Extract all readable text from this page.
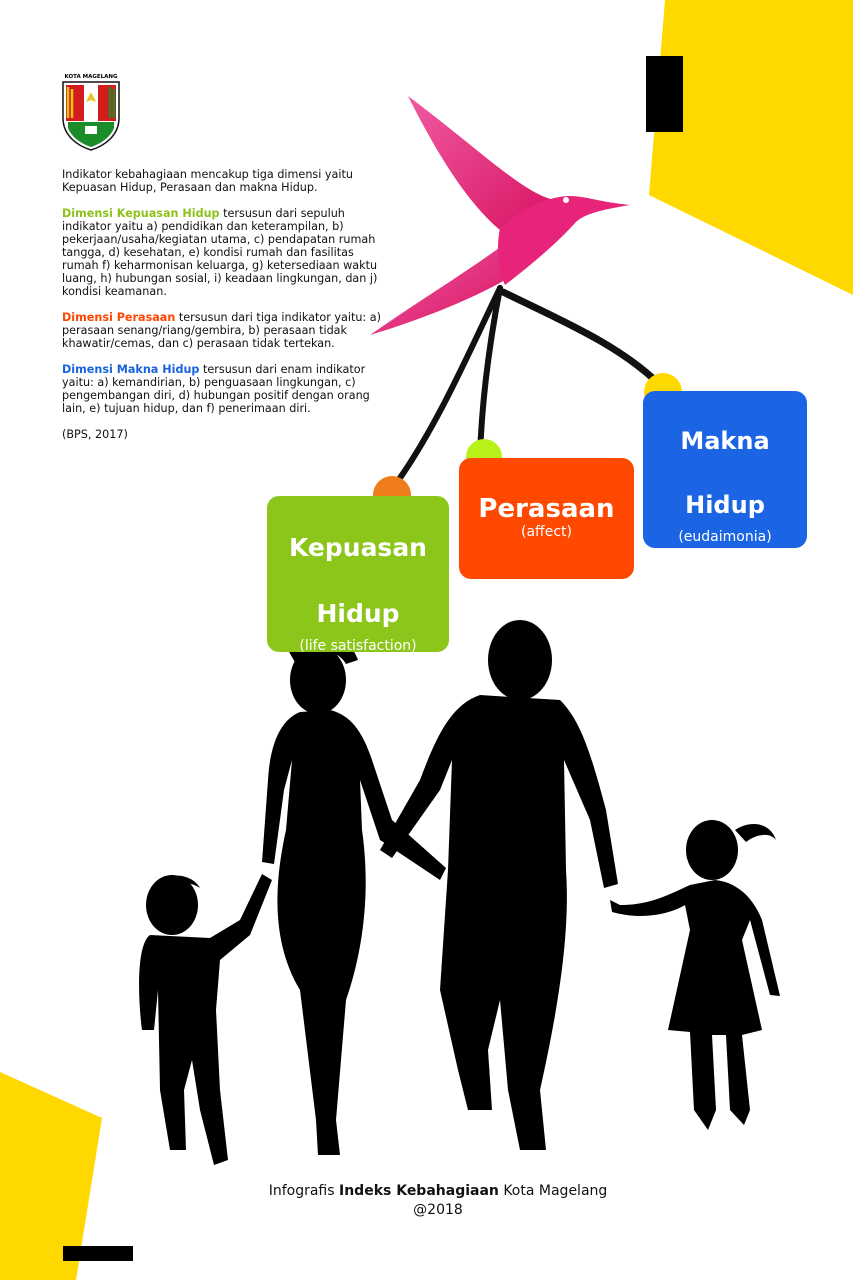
KOTA MAGELANG

Indikator kebahagiaan mencakup tiga dimensi yaitu Kepuasan Hidup, Perasaan dan makna Hidup.

Dimensi Kepuasan Hidup tersusun dari sepuluh indikator yaitu a) pendidikan dan keterampilan, b) pekerjaan/usaha/kegiatan utama, c) pendapatan rumah tangga, d) kesehatan, e) kondisi rumah dan fasilitas rumah f) keharmonisan keluarga, g) ketersediaan waktu luang, h) hubungan sosial, i) keadaan lingkungan, dan j) kondisi keamanan.

Dimensi Perasaan tersusun dari tiga indikator yaitu: a) perasaan senang/riang/gembira, b) perasaan tidak khawatir/cemas, dan c) perasaan tidak tertekan.

Dimensi Makna Hidup tersusun dari enam indikator yaitu: a) kemandirian, b) penguasaan lingkungan, c) pengembangan diri, d) hubungan positif dengan orang lain, e) tujuan hidup, dan f) penerimaan diri.

(BPS, 2017)

Kepuasan
Hidup
(life satisfaction)
Perasaan
(affect)
Makna
Hidup
(eudaimonia)
Infografis Indeks Kebahagiaan Kota Magelang
@2018
